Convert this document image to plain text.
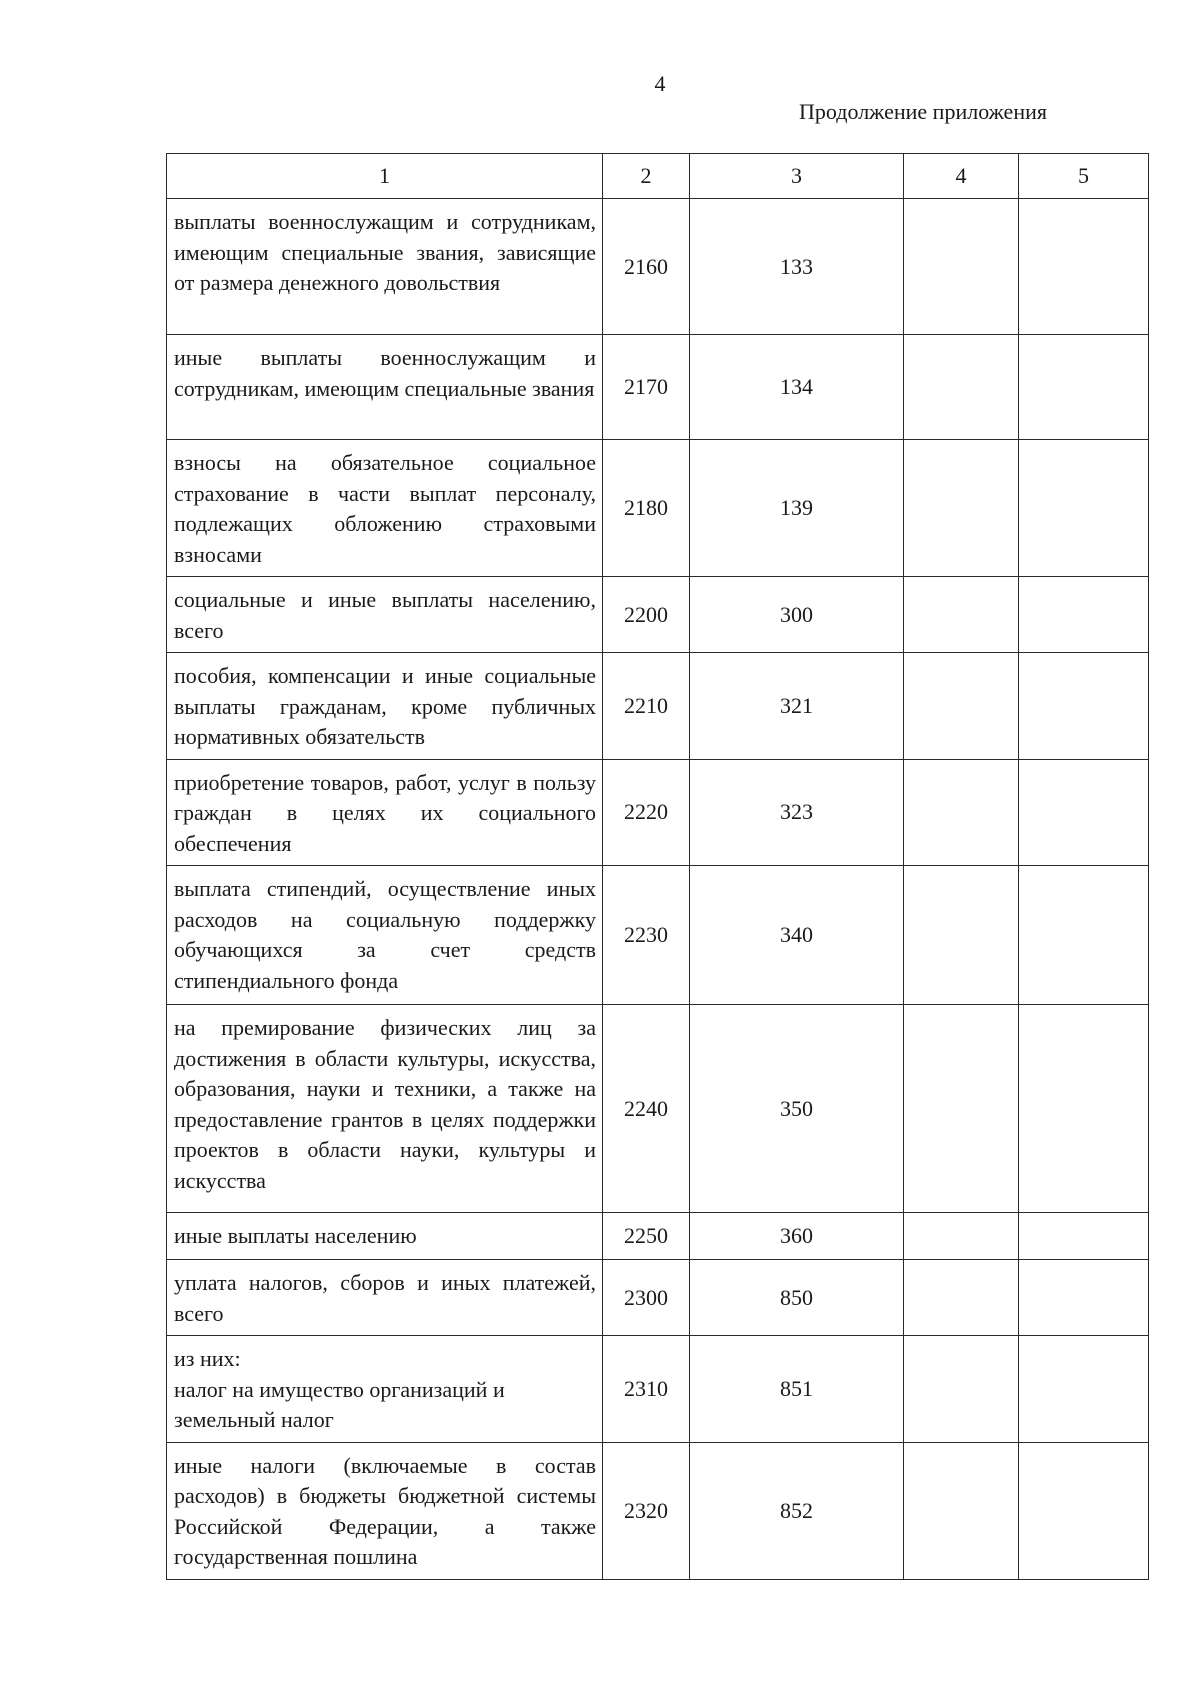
4
Продолжение приложения
1	2	3	4	5
выплаты военнослужащим и сотрудникам, имеющим специальные звания, зависящие от размера денежного довольствия	2160	133		
иные выплаты военнослужащим и сотрудникам, имеющим специальные звания	2170	134		
взносы на обязательное социальное страхование в части выплат персоналу, подлежащих обложению страховыми взносами	2180	139		
социальные и иные выплаты населению, всего	2200	300		
пособия, компенсации и иные социальные выплаты гражданам, кроме публичных нормативных обязательств	2210	321		
приобретение товаров, работ, услуг в пользу граждан в целях их социального обеспечения	2220	323		
выплата стипендий, осуществление иных расходов на социальную поддержку обучающихся за счет средств стипендиального фонда	2230	340		
на премирование физических лиц за достижения в области культуры, искусства, образования, науки и техники, а также на предоставление грантов в целях поддержки проектов в области науки, культуры и искусства	2240	350		
иные выплаты населению	2250	360		
уплата налогов, сборов и иных платежей, всего	2300	850		
из них:
налог на имущество организаций и земельный налог	2310	851		
иные налоги (включаемые в состав расходов) в бюджеты бюджетной системы Российской Федерации, а также государственная пошлина	2320	852		
